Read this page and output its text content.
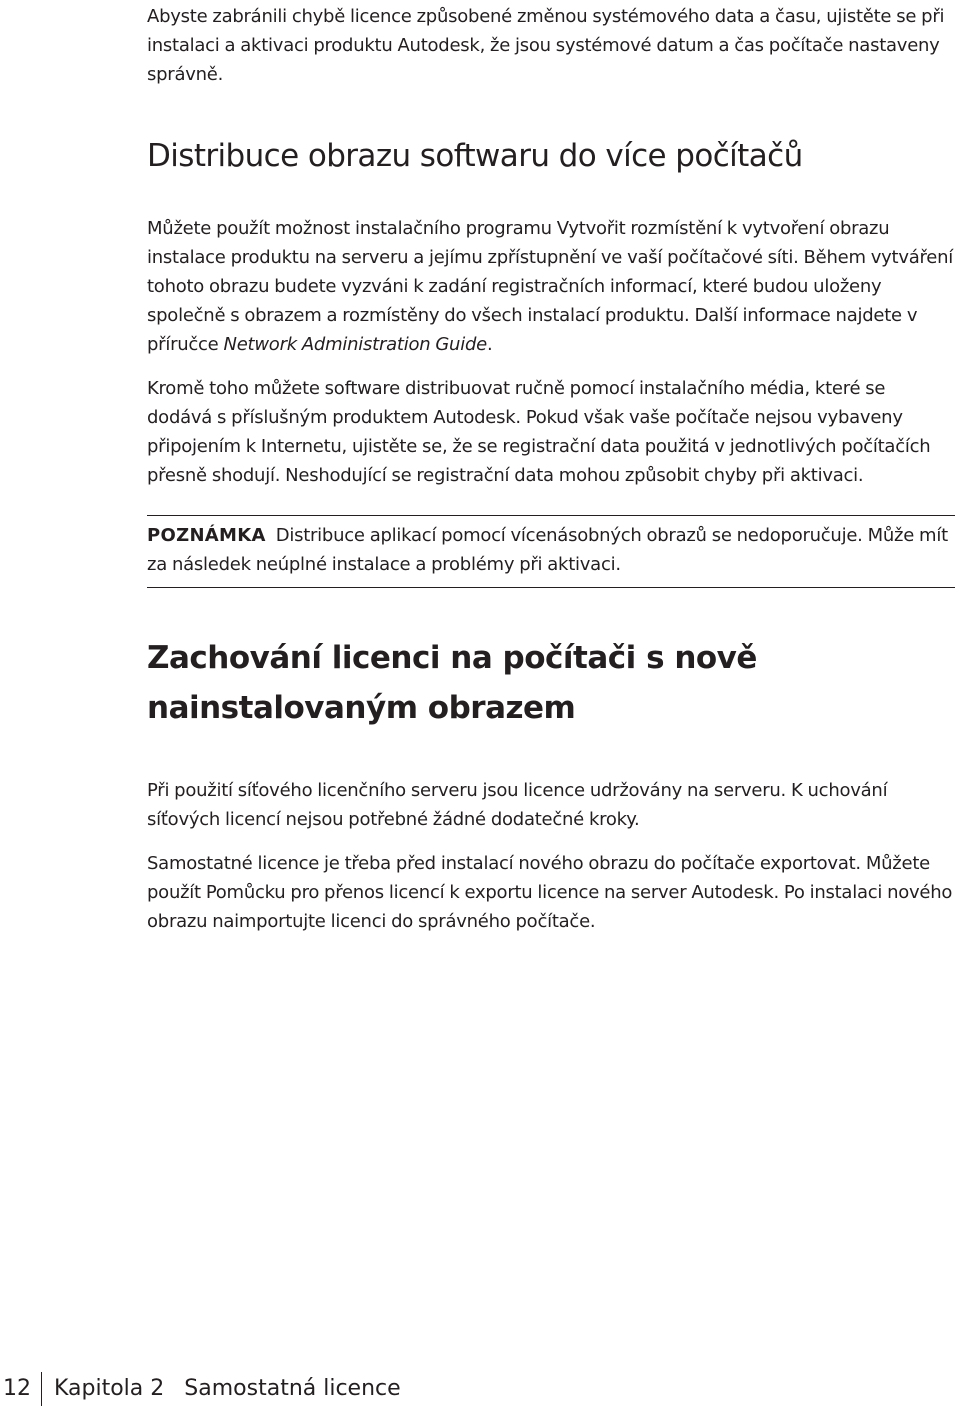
Abyste zabránili chybě licence způsobené změnou systémového data a času, ujistěte se při instalaci a aktivaci produktu Autodesk, že jsou systémové datum a čas počítače nastaveny správně.

Distribuce obrazu softwaru do více počítačů

Můžete použít možnost instalačního programu Vytvořit rozmístění k vytvoření obrazu instalace produktu na serveru a jejímu zpřístupnění ve vaší počítačové síti. Během vytváření tohoto obrazu budete vyzváni k zadání registračních informací, které budou uloženy společně s obrazem a rozmístěny do všech instalací produktu. Další informace najdete v příručce Network Administration Guide.

Kromě toho můžete software distribuovat ručně pomocí instalačního média, které se dodává s příslušným produktem Autodesk. Pokud však vaše počítače nejsou vybaveny připojením k Internetu, ujistěte se, že se registrační data použitá v jednotlivých počítačích přesně shodují. Neshodující se registrační data mohou způsobit chyby při aktivaci.

POZNÁMKA Distribuce aplikací pomocí vícenásobných obrazů se nedoporučuje. Může mít za následek neúplné instalace a problémy při aktivaci.

Zachování licenci na počítači s nově nainstalovaným obrazem

Při použití síťového licenčního serveru jsou licence udržovány na serveru. K uchování síťových licencí nejsou potřebné žádné dodatečné kroky.

Samostatné licence je třeba před instalací nového obrazu do počítače exportovat. Můžete použít Pomůcku pro přenos licencí k exportu licence na server Autodesk. Po instalaci nového obrazu naimportujte licenci do správného počítače.

12	Kapitola 2 Samostatná licence
